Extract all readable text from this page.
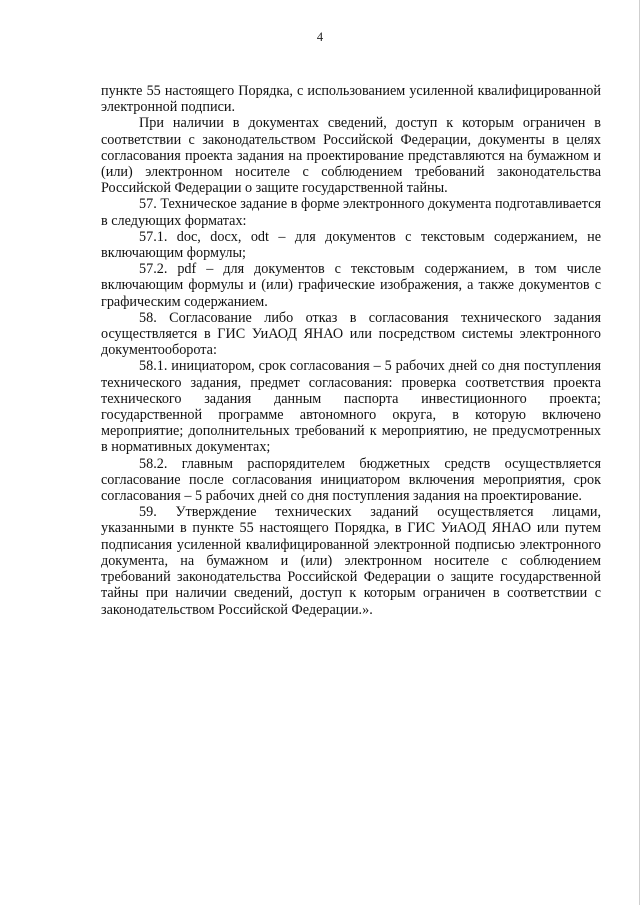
4

пункте 55 настоящего Порядка, с использованием усиленной квалифицированной электронной подписи.

При наличии в документах сведений, доступ к которым ограничен в соответствии с законодательством Российской Федерации, документы в целях согласования проекта задания на проектирование представляются на бумажном и (или) электронном носителе с соблюдением требований законодательства Российской Федерации о защите государственной тайны.

57. Техническое задание в форме электронного документа подготавливается в следующих форматах:

57.1. doc, docx, odt – для документов с текстовым содержанием, не включающим формулы;

57.2. pdf – для документов с текстовым содержанием, в том числе включающим формулы и (или) графические изображения, а также документов с графическим содержанием.

58. Согласование либо отказ в согласования технического задания осуществляется в ГИС УиАОД ЯНАО или посредством системы электронного документооборота:

58.1. инициатором, срок согласования – 5 рабочих дней со дня поступления технического задания, предмет согласования: проверка соответствия проекта технического задания данным паспорта инвестиционного проекта; государственной программе автономного округа, в которую включено мероприятие; дополнительных требований к мероприятию, не предусмотренных в нормативных документах;

58.2. главным распорядителем бюджетных средств осуществляется согласование после согласования инициатором включения мероприятия, срок согласования – 5 рабочих дней со дня поступления задания на проектирование.

59. Утверждение технических заданий осуществляется лицами, указанными в пункте 55 настоящего Порядка, в ГИС УиАОД ЯНАО или путем подписания усиленной квалифицированной электронной подписью электронного документа, на бумажном и (или) электронном носителе с соблюдением требований законодательства Российской Федерации о защите государственной тайны при наличии сведений, доступ к которым ограничен в соответствии с законодательством Российской Федерации.».
